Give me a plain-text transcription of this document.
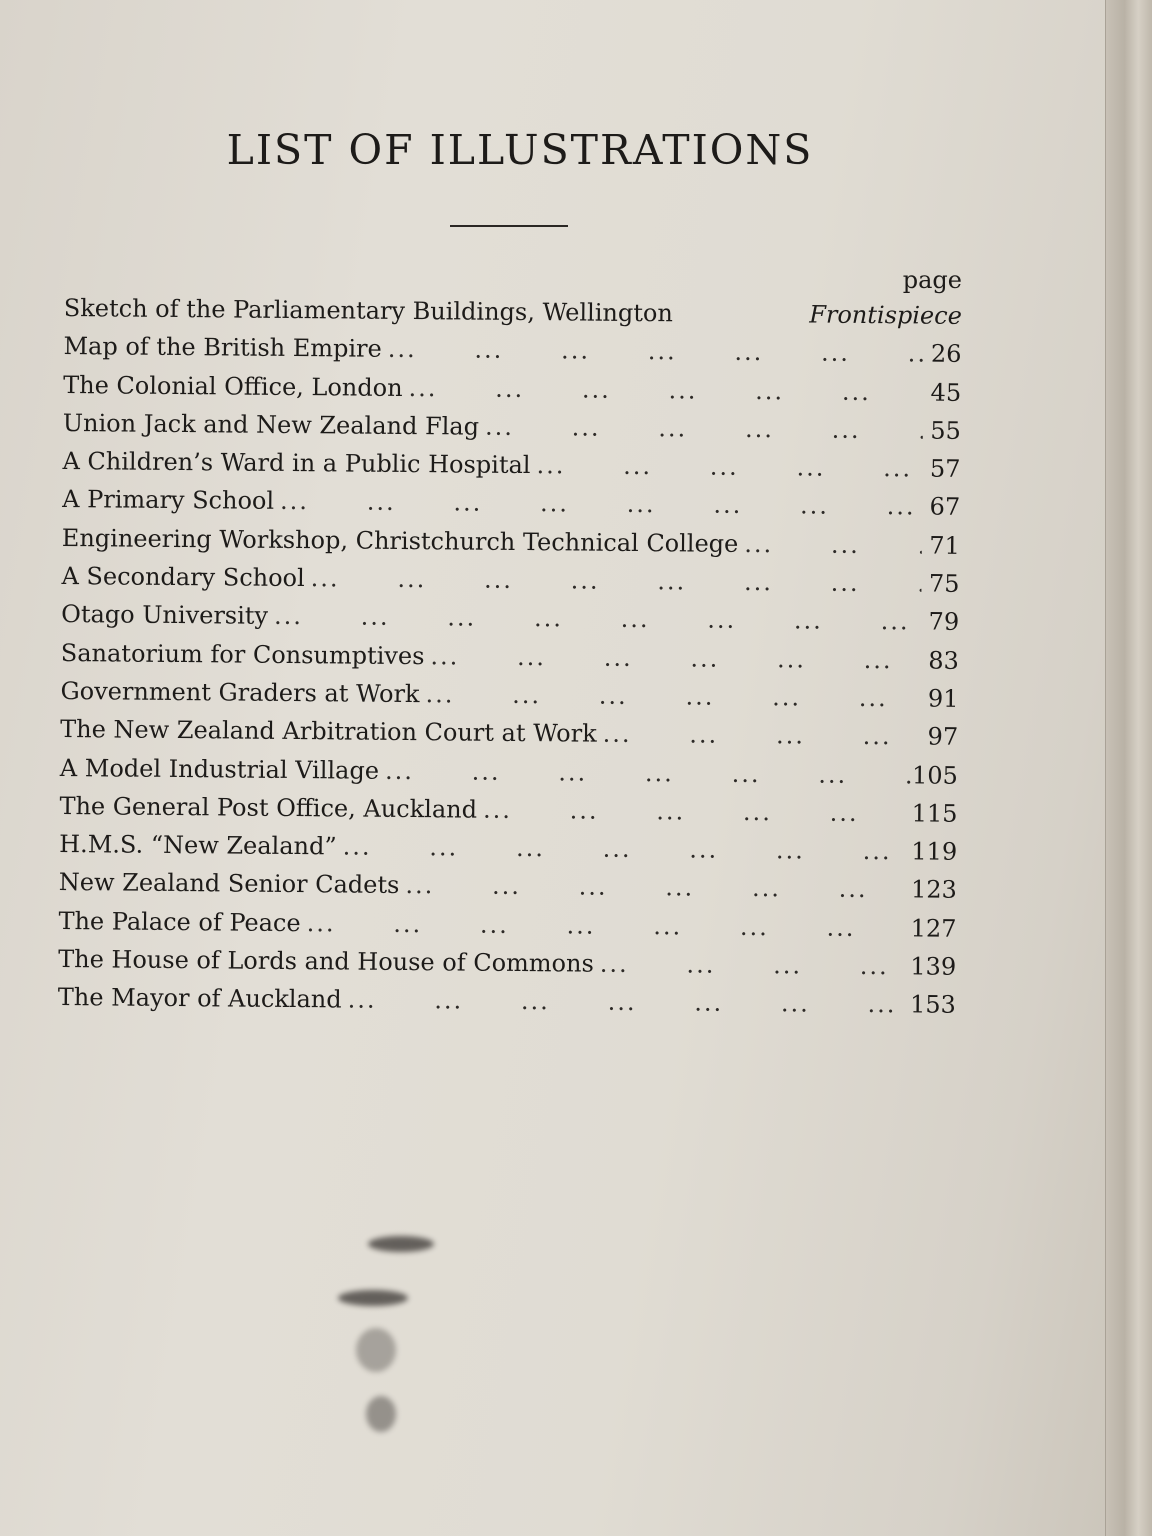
LIST OF ILLUSTRATIONS
page
Sketch of the Parliamentary Buildings, Wellington	Frontispiece
Map of the British Empire ...	26
The Colonial Office, London ...	45
Union Jack and New Zealand Flag ...	55
A Children’s Ward in a Public Hospital ...	57
A Primary School ...	67
Engineering Workshop, Christchurch Technical College ...	71
A Secondary School ...	75
Otago University ...	79
Sanatorium for Consumptives ...	83
Government Graders at Work ...	91
The New Zealand Arbitration Court at Work ...	97
A Model Industrial Village ...	105
The General Post Office, Auckland ...	115
H.M.S. “New Zealand” ...	119
New Zealand Senior Cadets ...	123
The Palace of Peace ...	127
The House of Lords and House of Commons ...	139
The Mayor of Auckland ...	153
